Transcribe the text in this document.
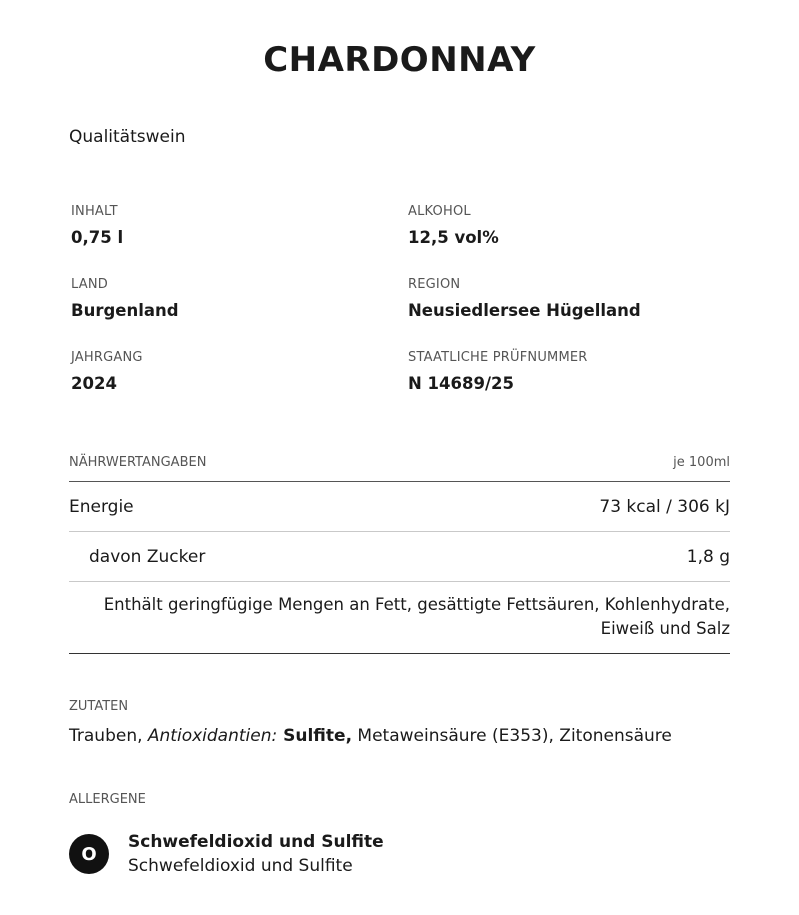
CHARDONNAY
Qualitätswein
INHALT
0,75 l
ALKOHOL
12,5 vol%
LAND
Burgenland
REGION
Neusiedlersee Hügelland
JAHRGANG
2024
STAATLICHE PRÜFNUMMER
N 14689/25
NÄHRWERTANGABEN	je 100ml
Energie	73 kcal / 306 kJ
davon Zucker	1,8 g
Enthält geringfügige Mengen an Fett, gesättigte Fettsäuren, Kohlenhydrate, Eiweiß und Salz
ZUTATEN
Trauben, Antioxidantien: Sulfite, Metaweinsäure (E353), Zitonensäure
ALLERGENE
O
Schwefeldioxid und Sulfite
Schwefeldioxid und Sulfite
